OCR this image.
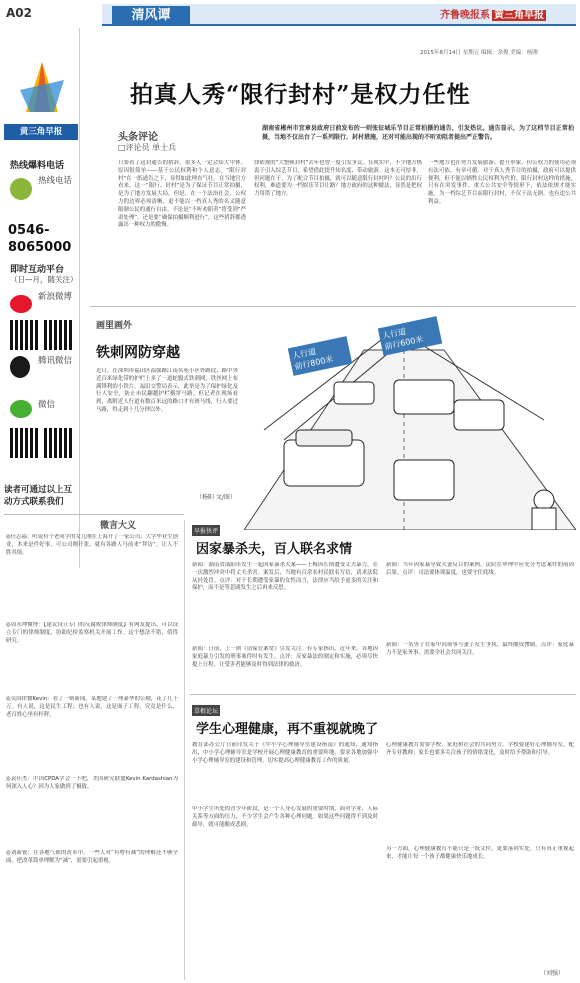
A02	清风谭	齐鲁晚报系 黄三角早报
2015年8月14日 星期五 编辑：余俊 美编：杨刚
拍真人秀“限行封村”是权力任性
黄三角早报
热线爆料电话
热线电话
0546-
8065000
即时互动平台
（日—月，随关注）
新浪微博
腾讯微信
微信
读者可通过以上互动方式联系我们
头条评论
□评论员 单士兵
湖南省郴州市宜章县政府日前发布的一则张征城乐节目正常拍摄的通告，引发热议。通告显示，为了这档节目正常拍摄，当地不仅出台了一系列限行、封村措施，还对可能出现的不听劝阻者提出严正警告。
只要看了这封通告的措辞，很多人一定会知大中休。原因很简单——基于公民权利和个人意志，“限行封村”在一纸通告之下，显得如此理直气壮。在当地官方看来，这一“限行、封村”是为了保证节目正常拍摄，是为了地方发展大局。但是，在一个法治社会，公权力的边界必须清晰，更不能以一档真人秀的名义随意限制公民的通行自由。不论是“不听劝阻者”将受到“严肃处理”，还是要“确保拍摄顺利进行”，这些措辞都透露出一种权力的傲慢。
律依规的“大整顿封村”去年也曾一度引发争议。在现实中，不少地方热衷于引入综艺节目，希望借此提升知名度、带动旅游。这本无可厚非，但问题在于，为了配合节目拍摄，就可以随意限行封村吗？公民的出行权利，难道要为一档娱乐节目让路？地方政府的这种做法，显然是把权力用错了地方。
一些地方也在努力发展旅游、提升形象，但公权力的使用必须有法可依、有章可循。对于真人秀节目的拍摄，政府可以提供便利，但不能以牺牲公民权利为代价。限行封村这样的措施，只有在突发事件、重大公共安全等情形下，依法依规才能实施。为一档综艺节目而限行封村，不仅于法无据，也有违公共利益。
画里画外
铁刺网防穿越
近日，在深圳市福田区福强路江南名苑小区外路段，路中央近百米绿化带的护栏上多了一道蛇腹式铁刺网，铁丝网上布满锋利的小铁片。福田交警局表示，此举是为了保护绿化及行人安全，防止市民翻越护栏横穿马路。但记者在现场看到，离附近人行道有数百米远的路口才有斑马线，行人要过马路，得走到十几分钟以外。
（杨阳 文/图）
人行道
前行800米
人行道
前行600米
微言大义
◎任志福：听说有个老同学的女儿刚在上海开了一家公司，大学毕业生创业，本来是件好事，可公司刚开张，就有各路人马前来“拜访”，让人不胜其烦。
◎周永坤微博：【建议设立专门的反腐败律师制度】有网友提出，可以设立专门的律师制度，协助纪检监察机关开展工作。这个想法不错，值得研究。
◎吴国律微Kevin：看了一则新闻，某地建了一座豪华的公厕，花了几十万。有人说，这是民生工程；也有人说，这是面子工程。究竟是什么，老百姓心里有杆秤。
◎袁佳杰：中国CPDA学会一下吧，美国研究联盟Kevin Kardashian为何深入人心？因为人家做到了极致。
◎刘新锐：在各地气候的改革中，一些人对“有增有减”的理解还不够全面，把改革简单理解为“减”，需要引起重视。
早报快评
因家暴杀夫，百人联名求情
新闻：湖南省邵阳市发生一起因家暴杀夫案——王梅因长期遭受丈夫暴力，在一次激烈冲突中将丈夫杀害。案发后，当地有百余名村民联名写信，请求法院从轻处罚。点评：对于长期遭受家暴的女性而言，法律应当给予更多的关注和保护，而不是等悲剧发生之后再来反思。
新闻：日前，上一则《请保管案宽》引发关注。有专家指出，近年来，各地因家庭暴力引发的刑事案件时有发生。点评：反家暴法的制定和实施，必须尽快提上日程，让受害者能够及时得到法律的救济。
新闻：当年因家暴导致夫妻反目的案例，法院在审理中应充分考虑案件的前因后果。点评：司法要体现温度，也要守住底线。
新闻：一名男子在家中因琐事与妻子发生争执，最终酿成惨剧。点评：家庭暴力不是家务事，需要全社会共同关注。
草根论坛
学生心理健康，再不重视就晚了
教育部办公厅日前印发关于《中小学心理辅导室建设指南》的通知，通知指出，中小学心理辅导室是学校开展心理健康教育的重要阵地，要求各地加强中小学心理辅导室的建设和管理，切实提高心理健康教育工作的质量。
中小学生所处的青少年阶段，是一个人身心发展的重要时期，面对学业、人际关系等方面的压力，不少学生会产生各种心理问题。如果这些问题得不到及时疏导，就可能酿成悲剧。
心理健康教育需要学校、家庭和社会的共同努力。学校要建好心理辅导室，配齐专业教师；家长也要多关注孩子的情绪变化，及时给予帮助和引导。
另一方面，心理健康教育不能只是一纸文件，更要落到实处。只有真正重视起来，才能让每一个孩子都健康快乐地成长。
（刘强）
